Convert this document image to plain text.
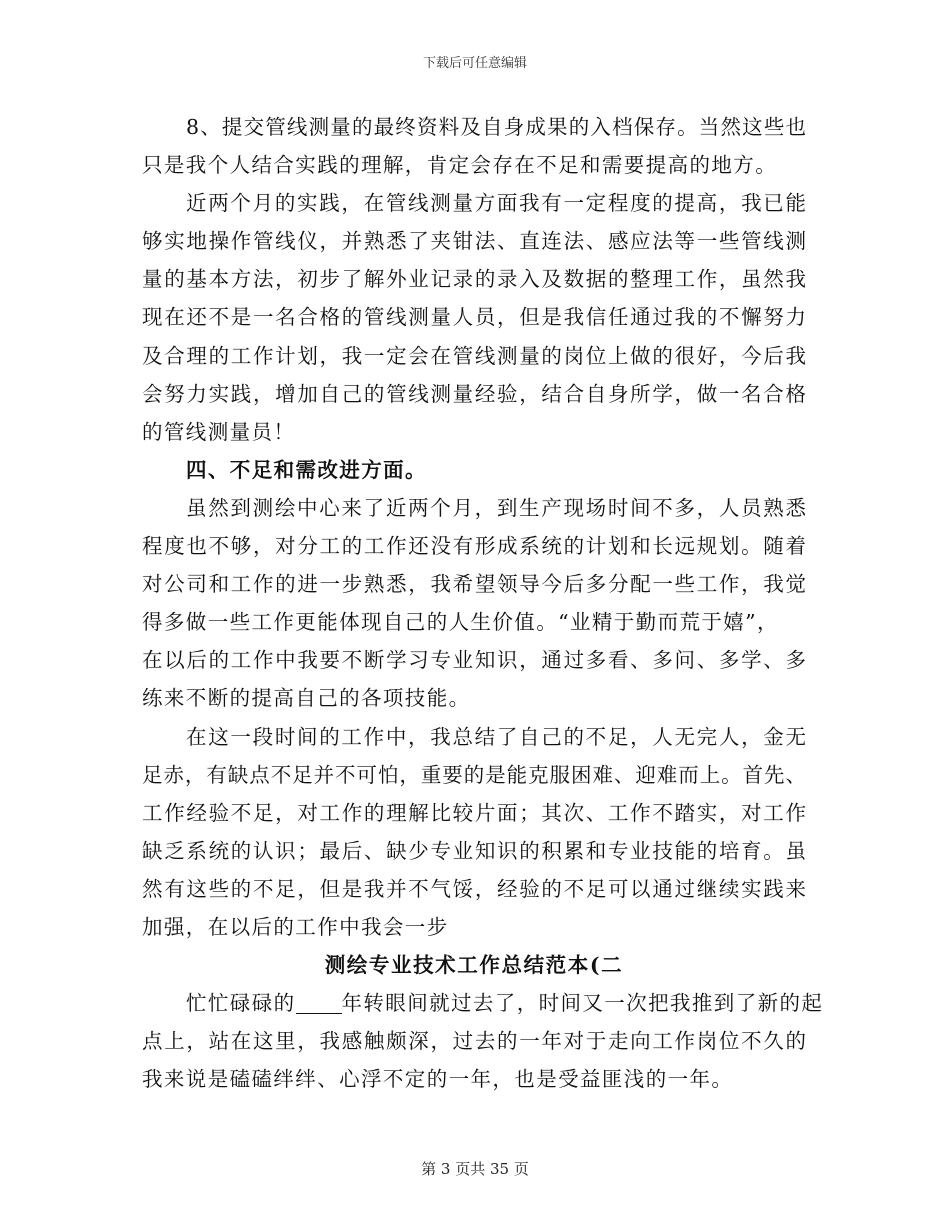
下载后可任意编辑
8、提交管线测量的最终资料及自身成果的入档保存。当然这些也
只是我个人结合实践的理解，肯定会存在不足和需要提高的地方。
近两个月的实践，在管线测量方面我有一定程度的提高，我已能
够实地操作管线仪，并熟悉了夹钳法、直连法、感应法等一些管线测
量的基本方法，初步了解外业记录的录入及数据的整理工作，虽然我
现在还不是一名合格的管线测量人员，但是我信任通过我的不懈努力
及合理的工作计划，我一定会在管线测量的岗位上做的很好，今后我
会努力实践，增加自己的管线测量经验，结合自身所学，做一名合格
的管线测量员！
四、不足和需改进方面。
虽然到测绘中心来了近两个月，到生产现场时间不多，人员熟悉
程度也不够，对分工的工作还没有形成系统的计划和长远规划。随着
对公司和工作的进一步熟悉，我希望领导今后多分配一些工作，我觉
得多做一些工作更能体现自己的人生价值。“业精于勤而荒于嬉”，
在以后的工作中我要不断学习专业知识，通过多看、多问、多学、多
练来不断的提高自己的各项技能。
在这一段时间的工作中，我总结了自己的不足，人无完人，金无
足赤，有缺点不足并不可怕，重要的是能克服困难、迎难而上。首先、
工作经验不足，对工作的理解比较片面；其次、工作不踏实，对工作
缺乏系统的认识；最后、缺少专业知识的积累和专业技能的培育。虽
然有这些的不足，但是我并不气馁，经验的不足可以通过继续实践来
加强，在以后的工作中我会一步
测绘专业技术工作总结范本(二
忙忙碌碌的 年转眼间就过去了，时间又一次把我推到了新的起
点上，站在这里，我感触颇深，过去的一年对于走向工作岗位不久的
我来说是磕磕绊绊、心浮不定的一年，也是受益匪浅的一年。
第 3 页共 35 页
